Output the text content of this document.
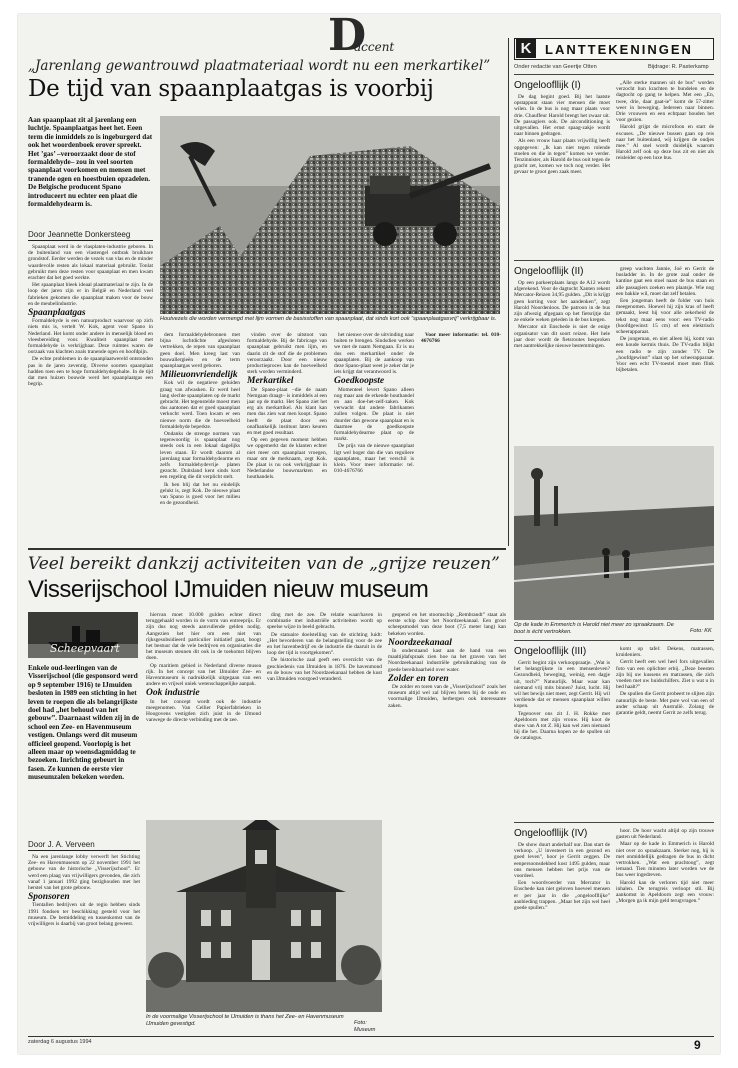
D
accent
„Jarenlang gewantrouwd plaatmateriaal wordt nu een merkartikel”
De tijd van spaanplaatgas is voorbij
Aan spaanplaat zit al jarenlang een luchtje. Spaanplaatgas heet het. Eeen term die inmiddels zo is ingeburgerd dat ook het woordenboek erover spreekt. Het ’gas’ –veroorzaakt door de stof formaldehyde– zou in veel soorten spaanplaat voorkomen en mensen met tranende ogen en hoestbuien opzadelen. De Belgische producent Spano introduceert nu echter een plaat die formaldehydearm is.
Door Jeannette Donkersteeg
Houtvezels die worden vermengd met lijm vormen de basisstoffen van spaanplaat, dat sinds kort ook “spaanplaatgasvrij” verkrijgbaar is.

Spaanplaat werd in de vlasplaten-industrie geboren. In de buitenland van een vlastengel ontbrak bruikbare grondstof. Eerder werden de vezels van vlas en de minder waardevolle resten als lokaal materiaal gebruikt. Tonlat gebruikt men deze resten voor spaanplaat en men kwam erachter dat het goed werkte.

Het spaanplaat bleek ideaal plaatmateriaal te zijn. In de loop der jaren zijn er in België en Nederland veel fabrieken gekomen die spaanplaat maken voor de bouw en de meubelindustrie.

Spaanplaatgas

Formaldehyde is een natuurproduct waarvoor op zich niets mis is, vertelt W. Kok, agent voor Spano in Nederland. Het komt onder andere in menselijk bloed en vleesbereiding voor. Kwaliteit spaanplaat met formaldehyde is verkrijgbaar. Deze ruimtes waren de oorzaak van klachten zoals tranende ogen en hoofdpijn.

De echte problemen in de spaanplaatwereld ontstonden pas in de jaren zeventig. Diverse soorten spaanplaat hadden toen een te hoge formaldehydegehalte. In de tijd dat men huizen bouwde werd het spaanplaatgas een begrip.

dem formaldehydebronnen met bijna luchtdichte afgesloten vertrekken, de repen van spaanplaat geen doel. Men kreeg last van bouwallergieën en de term spaanplaatgas werd geboren.

Milieuonvriendelijk

Kok wil de negatieve geluiden graag van afwasken. Er werd heel lang slechte spaanplaten op de markt gebracht. Het tegenstelde moest men dus aantonen dat er goed spaanplaat verkocht werd. Toen kwam er een nieuwe norm die de hoeveelheid formaldehyde beperkte.

Ondanks de strenge normen van tegenwoordig is spaanplaat nog steeds ook in een lokaal dagelijks leven staan. Er wordt daarom al jarenlang naar formaldehydearme en zelfs formaldehydevrije platen gezocht. Duitsland kent sinds kort een regeling die dit verplicht stelt.

Ik ben blij dat het nu eindelijk gelukt is, zegt Kok. De nieuwe plaat van Spano is goed voor het milieu en de gezondheid.

vinden over de uitstoot van formaldehyde. Bij de fabricage van spaanplaat gebruikt men lijm, en daarin zit de stof die de problemen veroorzaakt. Door een nieuw productieproces kan de hoeveelheid sterk worden verminderd.

Merkartikel

De Spano-plaat –die de naam Nemgaan draagt– is inmiddels al een jaar op de markt. Het Spano ziet het erg als merkartikel. Als klant kan men dus zien wat men koopt. Spano heeft de plaat door een onafhankelijk instituut laten keuren en met goed resultaat.

Op een gegeven moment hebben we opgemerkt dat de klanten echter niet meer om spaanplaat vroegen, maar om de merknaam, zegt Kok. De plaat is nu ook verkrijgbaar in Nederlandse bouwmarkten en houthandels.

het nieuwe over de uitvinding naar buiten te brengen. Sindsdien werken we met de naam Nemgaan. Er is nu dus een merkartikel onder de spaanplaten. Bij de aankoop van deze Spano-plaat weet je zeker dat je iets krijgt dat verantwoord is.

Goedkoopste

Momenteel levert Spano alleen nog maar aan de erkende houthandel en aan doe-het-zelf-zaken. Kok verwacht dat andere fabrikanten zullen volgen. De plaat is niet duurder dan gewone spaanplaat en is daarmee de goedkoopste formaldehydearme plaat op de markt.

De prijs van de nieuwe spaanplaat ligt wel hoger dan die van reguliere spaanplaten, maar het verschil is klein. Voor meer informatie: tel. 010-4676766

Voor meer informatie: tel. 010-4676766

LANTTEKENINGEN
K
Onder redactie van Geertje Otten	Bijdrage: R. Pasterkamp
Ongeloofllijk (I)

De dag begint goed. Bij het laatste opstappunt staan vier mensen die moet wilen. In de bus is nog maar plaats voor drie. Chauffeur Harold brengt het zwaar uit. De passagiers ook. De airconditioning is uitgevallen. Het ernst spaag-zakje wordt naar binnen gedragen.

Als een vrouw haar plaats vrijwillig heeft opgegeven: „Ik kan niet tegen rolende stoelen en die in tegen” komen we verder. Tenzinnister, als Harold de bus ooit tegen de gracht zet, komen we toch nog verder. Het gevaar te groot geen zaak meer.

„Alle sterke mannen uit de bus” worden verzocht hun krachten te bundelen en de dagtocht op gang te helpen. Met een „En, twee, drie, daar gaat-ie” komt de 57-zitter weer in beweging. Iedereen naar binnen. Drie vrouwen en een echtpaar houden het voor gezien.

Harold grijpt de microfoon en start de excuses. „De nieuwe bussen gaan op reis naar het buitenland, wij krijgen de oudjes mee.” Al snel wordt duidelijk waarom Harold zelf ook op deze bus zit en niet als reisleider op een luxe bus.

Ongeloofllijk (II)

Op een parkeerplaats langs de A12 wordt afgerekend. Voor de dagtocht Xanten rekent Mercator-Reizen 34,95 gulden. „Dit is krijgt geen korting voor het aandenken”, zegt Harold Noordenloos. De patroon in de bus zijn afwezig afgegaan op het fietsrijtje dat ze enkele weken geleden in de bus kregen.

Mercator uit Enschede is niet de enige organisator van dit soort reizen. Het hele jaar door wordt de fietsroutes besproken met aantrekkelijke nieuwe bestemmingen.

greep wachten Jannie, Joë en Gerrit de busladder in. In de grote zaal onder de kantine gaat een stoel naast de bus staan en alle passagiers zoeken een plaatsje. Wie nog een bakkie wil, moet dat zelf betalen.

Een jongeman heeft de folder van huis meegenomen. Hoewel hij zijn kras of heeft gemaakt, leest hij voor alle zekerheid de tekst nog maar eens voor: een TV-radio (hoofdgewinst: 15 cm) of een elektrisch scheerapparaat.

De jongeman, en niet alleen hij, komt van een koude kermis thuis. De TV-radio blijkt een radio te zijn zonder TV. De „hoofdgewinst” slaat op het scheerapparaat. Voor een echt TV-toestel moet men flink bijbetalen.

Op de kade in Emmerich is Harold niet meer zo spraakzaam. De boot is écht vertrokken.	Foto: KK
Ongeloofllijk (III)

Gerrit begint zijn verkooppraatje. „Wat is het belangrijkste in een mensenleven? Gezondheid, beweging, weinig, een dagje uit, toch?” Natuurlijk. Maar waar kan niemand vrij mits binnen? Juist, lucht. Hij wil het bewijs niet meer, zegt Gerrit. Hij wil verdiende dat er mensen spaanplaat willen kopen.

Tegenover ons zit J. H. Rokke met Apeldoorn met zijn vrouw. Hij koot de show van A tot Z. Hij kan wel zien niemand hij die het. Daarna kopen ze de spullen uit de catalogus.

komt op tafel: Dekens, matrassen, kruideniers.

Gerrit heeft een wel heel fors uitgevallen foto van een oplichter erbij. „Deze beesten zijn bij uw kussens en matrassen, die zich voeden met uw huidschilfers. Ziet u wat u in bed haalt?”

De spullen die Gerrit probeert te slijten zijn natuurlijk de beste. Met pure wol van een of ander schaap uit Australië. Zolang de garantie geldt, neemt Gerrit ze zelfs terug.

Ongeloofllijk (IV)

De show duurt anderhalf uur. Dan start de verkoop. „U investeert in een gezond en goed leven”, hoor je Gerrit zeggen. De eenpersoonsdekbed kost 1495 gulden, maar ons mensen hebben het prijs van de voordeel.

Een woordvoerder van Mercator in Enschede kan niet geloven hoeveel mensen er per jaar in die „ongeloofllijke” aanbieding trappen. „Maar het zijn wel heel goede spullen.”

hoor. De hoor wacht altijd op zijn trouwe gasten uit Nederland.

Maar op de kade in Emmerich is Harold niet over zo spraakzaam. Sterker nog, hij is met onmiddellijk gedragen de bus in dicht vertrokken. „Wat een prachtoog”, zegt iemand. Tien minuten later worden we de bus weer ingedreven.

Harold kan de verloren tijd niet meer inhalen. De terugreis verloopt stil. Bij aankomst in Apeldoorn zegt een vrouw: „Morgen ga ik mijn geld terugvragen.”

Veel bereikt dankzij activiteiten van de „grijze reuzen”
Visserijschool IJmuiden nieuw museum
Scheepvaart
Enkele oud-leerlingen van de Visserijschool (die gesponsord werd op 9 september 1916) te IJmuiden besloten in 1989 een stichting in het leven te roepen die als belangrijkste doel had „het behoud van het gebouw”. Daarnaast wilden zij in de school een Zee- en Havenmuseum vestigen. Onlangs werd dit museum officieel geopend. Voorlopig is het alleen maar op woensdagmiddag te bezoeken. Inrichting gebeurt in fasen. Ze kunnen de eerste vier museumzalen bekeken worden.
Door J. A. Verveen

Na een jarenlange lobby verwerft het Stichting Zee- en Havenmuseum op 22 november 1991 het gebouw van de historische „Visserijschool”. Er werd een plaag van vrijwilligers gevonden, die zich vanaf 1 januari 1992 ging bezighouden met het herstel van het grote gebouw.

Sponsoren

Tientallen bedrijven uit de regio hebben sinds 1991 fondsen ter beschikking gesteld voor het museum. De bemiddeling en tussenkomst van de vrijwilligers is daarbij van groot belang geweest.

hiervan moet 10.000 gulden echter direct teruggehaald worden in de vorm van entreeprijs. Er zijn dus nog steeds aanvullende gelden nodig. Aangezien het hier om een niet van rijksgesubsidieerd particulier initiatief gaat, boogt het bestuur dat de vele bedrijven en organisaties die het museum steunen dit ook in de toekomst blijven doen.

Op maritiem gebied is Nederland diverse musea rijk. In het concept van het IJmuider Zee- en Havenmuseum is nadrukkelijk uitgegaan van een andere en vrijwel uniek wetenschappelijke aanpak.

Ook industrie

In het concept wordt ook de industrie meegenomen. Van Cellier Papierfabrieken in Hoogovens vestigden zich juist in de IJmond vanwege de directe verbinding met de zee.

ding met de zee. De relatie waar/haven in combinatie met industriële activiteiten wordt op speelse wijze in beeld gebracht.

De statuaire doelstelling van de stichting luidt: „Het bevorderen van de belangstelling voor de zee en het havenbedrijf en de industrie die daaruit in de loop der tijd is voortgekomen”.

De historische zaal geeft een overzicht van de geschiedenis van IJmuiden in 1876. De havenmond en de bouw van het Noordzeekanaal hebben de kust van IJmuiden voorgoed veranderd.

gespend en het stoomschip „Rembrandt” staat als eerste schip door het Noordzeekanaal. Een groot scheepsmodel van deze boot (7,5 meter lang) kan bekeken worden.

Noordzeekanaal

In onderstaand kast aan de hand van een maaltijdafspraak zien hoe na het graven van het Noordzeekanaal industriële gebruikmaking van de goede bereikbaarheid over water.

Zolder en toren

De zolder en toren van de „Visserijschool” zoals het museum altijd wel zal blijven heten bij de oude en voormalige IJmuiden, herbergen ook interessante zaken.

In de voormalige Visserijschool te IJmuiden is thans het Zee- en Havenmuseum IJmuiden gevestigd.	Foto: Museum
zaterdag 6 augustus 1994	9
